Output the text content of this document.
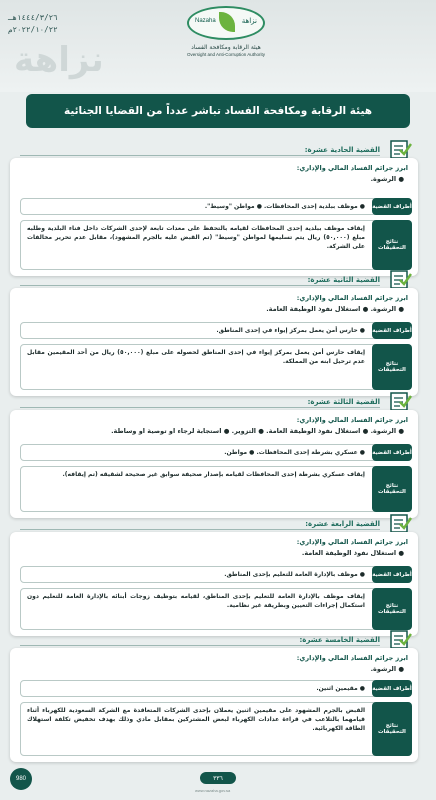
نزاهة
١٤٤٤/٣/٢٦هـ
٢٠٢٢/١٠/٢٢م
نزاهة
Nazaha
هيئة الرقابة ومكافحة الفساد
Oversight and Anti-Corruption Authority
هيئة الرقابة ومكافحة الفساد تباشر عدداً من القضايا الجنائية
القضية الحادية عشرة:
ابرز جرائم الفساد المالي والإداري:
● الرشوة.
أطراف القضية
● موظف ببلدية إحدى المحافظات. ● مواطن "وسيط".
نتائج التحقيقات
إيقاف موظف ببلدية إحدى المحافظات لقيامه بالتحفظ على معدات تابعة لإحدى الشركات داخل فناء البلدية وطلبه مبلغ (٥٠,٠٠٠) ريال يتم تسليمها لمواطن "وسيط" (تم القبض عليه بالجرم المشهود)، مقابل عدم تحرير مخالفات على الشركة.
القضية الثانية عشرة:
ابرز جرائم الفساد المالي والإداري:
● الرشوة. ● استغلال نفوذ الوظيفة العامة.
أطراف القضية
● حارس أمن يعمل بمركز إيواء في إحدى المناطق.
نتائج التحقيقات
إيقاف حارس أمن يعمل بمركز إيواء في إحدى المناطق لحصوله على مبلغ (٥٠,٠٠٠) ريال من أحد المقيمين مقابل عدم ترحيل ابنه من المملكة.
القضية الثالثة عشرة:
ابرز جرائم الفساد المالي والإداري:
● الرشوة. ● استغلال نفوذ الوظيفة العامة. ● التزوير. ● استجابة لرجاء او توصية او وساطة.
أطراف القضية
● عسكري بشرطة إحدى المحافظات. ● مواطن.
نتائج التحقيقات
إيقاف عسكري بشرطة إحدى المحافظات لقيامه بإصدار صحيفة سوابق غير صحيحة لشقيقه (تم إيقافه).
القضية الرابعة عشرة:
ابرز جرائم الفساد المالي والإداري:
● استغلال نفوذ الوظيفة العامة.
أطراف القضية
● موظف بالإدارة العامة للتعليم بإحدى المناطق.
نتائج التحقيقات
إيقاف موظف بالإدارة العامة للتعليم بإحدى المناطق، لقيامه بتوظيف زوجات أبنائه بالإدارة العامة للتعليم دون استكمال إجراءات التعيين وبطريقة غير نظامية.
القضية الخامسة عشرة:
ابرز جرائم الفساد المالي والإداري:
● الرشوة.
أطراف القضية
● مقيمين اثنين.
نتائج التحقيقات
القبض بالجرم المشهود على مقيمين اثنين يعملان بإحدى الشركات المتعاقدة مع الشركة السعودية للكهرباء أثناء قيامهما بالتلاعب في قراءة عدادات الكهرباء لبعض المشتركين بمقابل مادي وذلك بهدف تخفيض تكلفة استهلاك الطاقة الكهربائية.
980	٣٣٦
www.nazaha.gov.sa
